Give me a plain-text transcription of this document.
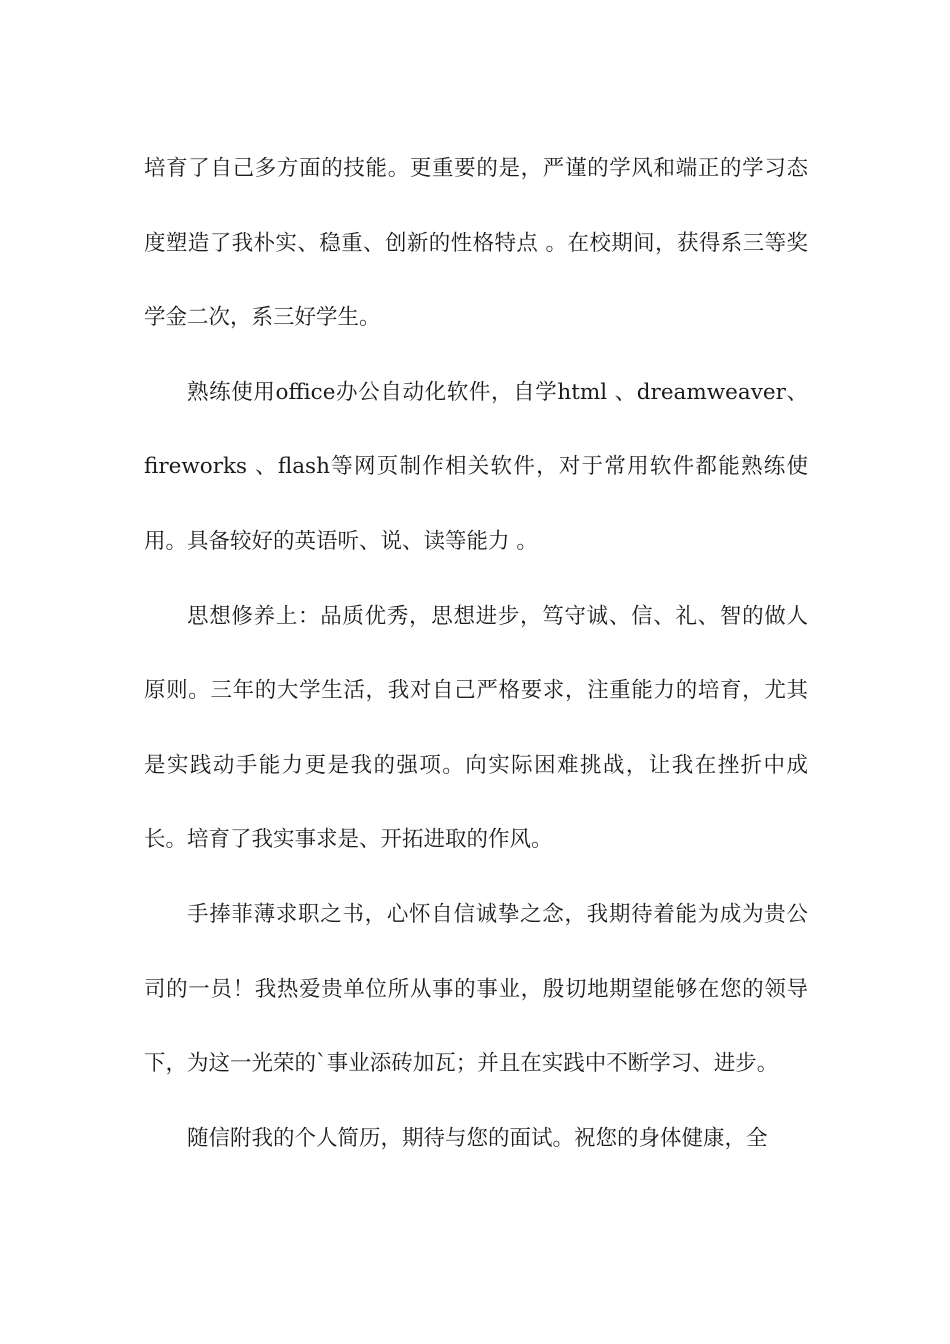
培育了自己多方面的技能。更重要的是，严谨的学风和端正的学习态度塑造了我朴实、稳重、创新的性格特点 。在校期间，获得系三等奖学金二次，系三好学生。

熟练使用office办公自动化软件，自学html 、dreamweaver、fireworks 、flash等网页制作相关软件，对于常用软件都能熟练使用。具备较好的英语听、说、读等能力 。

思想修养上：品质优秀，思想进步，笃守诚、信、礼、智的做人原则。三年的大学生活，我对自己严格要求，注重能力的培育，尤其是实践动手能力更是我的强项。向实际困难挑战，让我在挫折中成长。培育了我实事求是、开拓进取的作风。

手捧菲薄求职之书，心怀自信诚挚之念，我期待着能为成为贵公司的一员！我热爱贵单位所从事的事业，殷切地期望能够在您的领导下，为这一光荣的`事业添砖加瓦；并且在实践中不断学习、进步。

随信附我的个人简历，期待与您的面试。祝您的身体健康，全
